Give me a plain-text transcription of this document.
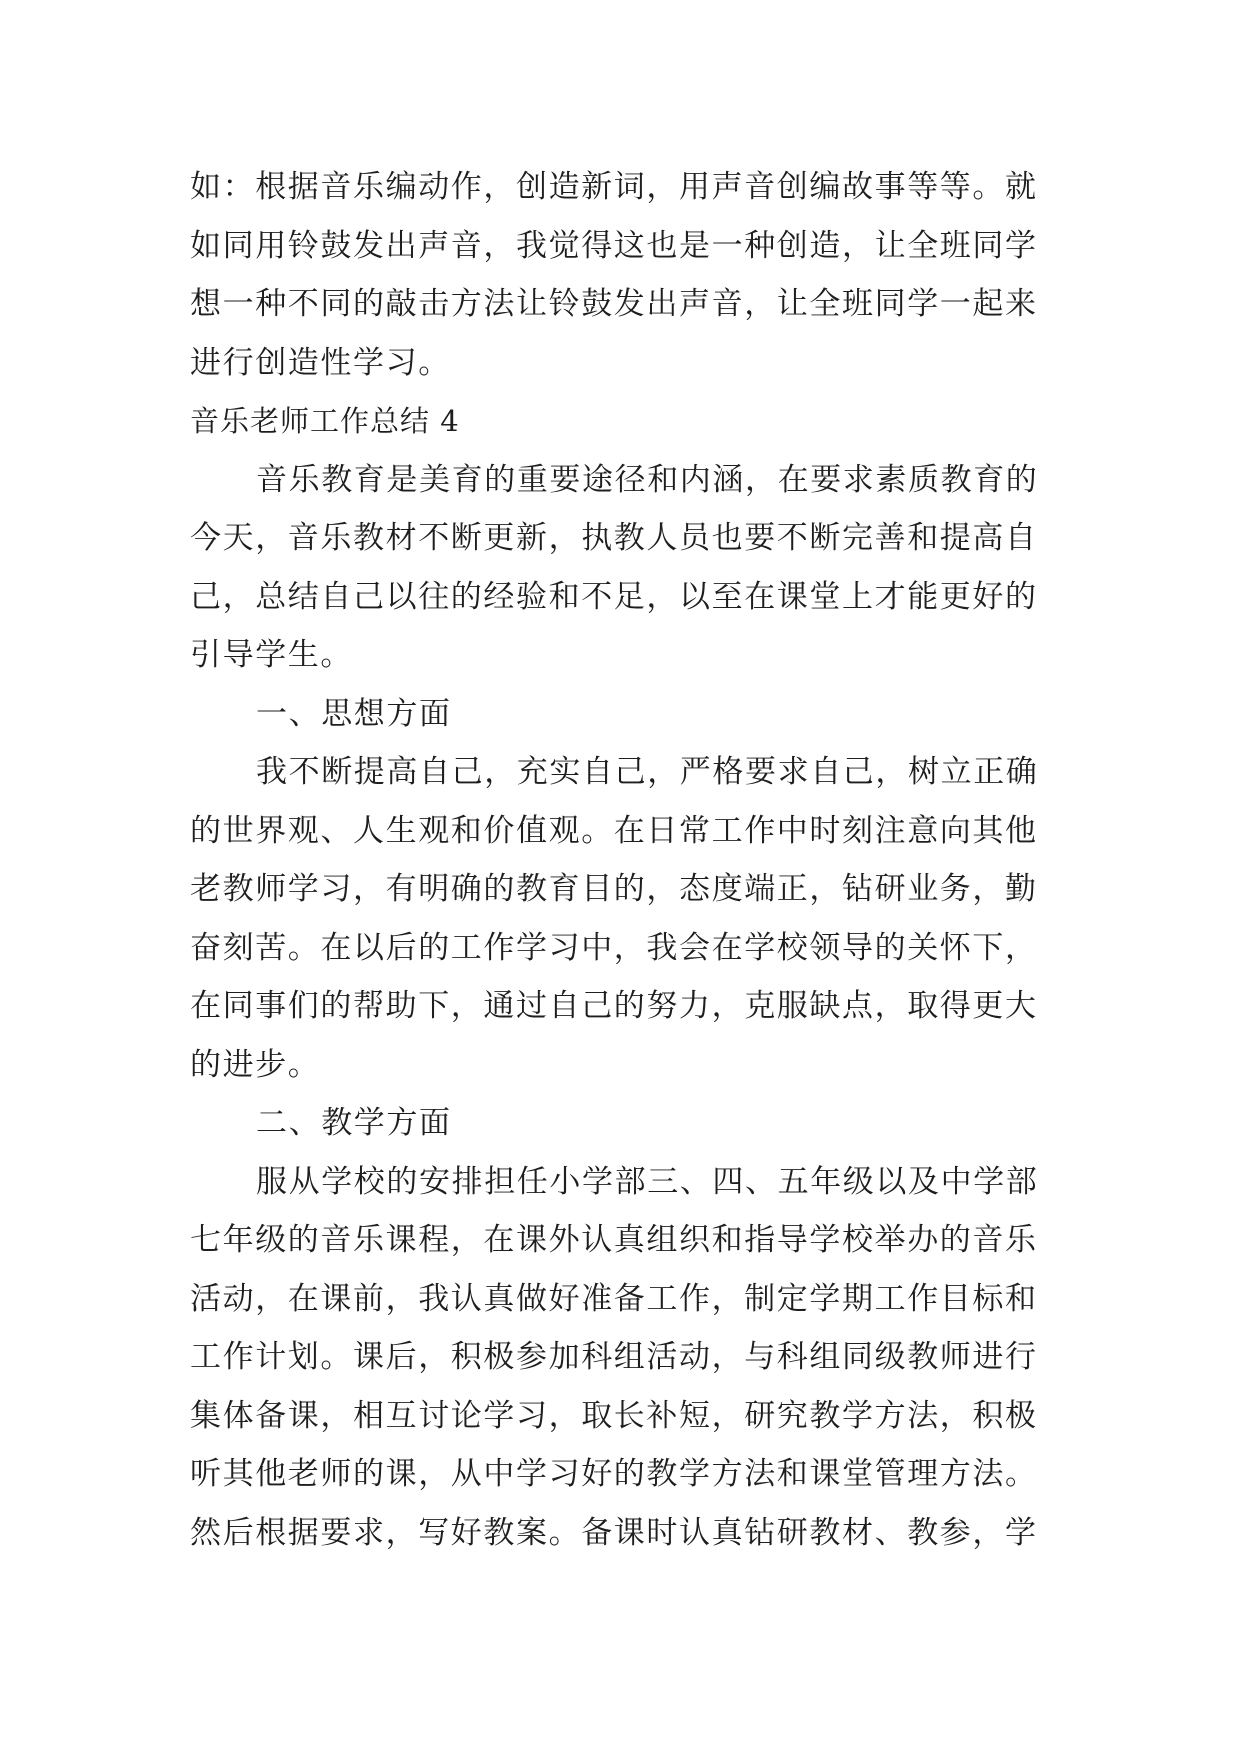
如：根据音乐编动作，创造新词，用声音创编故事等等。就
如同用铃鼓发出声音，我觉得这也是一种创造，让全班同学
想一种不同的敲击方法让铃鼓发出声音，让全班同学一起来
进行创造性学习。
音乐老师工作总结 4
音乐教育是美育的重要途径和内涵，在要求素质教育的
今天，音乐教材不断更新，执教人员也要不断完善和提高自
己，总结自己以往的经验和不足，以至在课堂上才能更好的
引导学生。
一、思想方面
我不断提高自己，充实自己，严格要求自己，树立正确
的世界观、人生观和价值观。在日常工作中时刻注意向其他
老教师学习，有明确的教育目的，态度端正，钻研业务，勤
奋刻苦。在以后的工作学习中，我会在学校领导的关怀下，
在同事们的帮助下，通过自己的努力，克服缺点，取得更大
的进步。
二、教学方面
服从学校的安排担任小学部三、四、五年级以及中学部
七年级的音乐课程，在课外认真组织和指导学校举办的音乐
活动，在课前，我认真做好准备工作，制定学期工作目标和
工作计划。课后，积极参加科组活动，与科组同级教师进行
集体备课，相互讨论学习，取长补短，研究教学方法，积极
听其他老师的课，从中学习好的教学方法和课堂管理方法。
然后根据要求，写好教案。备课时认真钻研教材、教参，学
